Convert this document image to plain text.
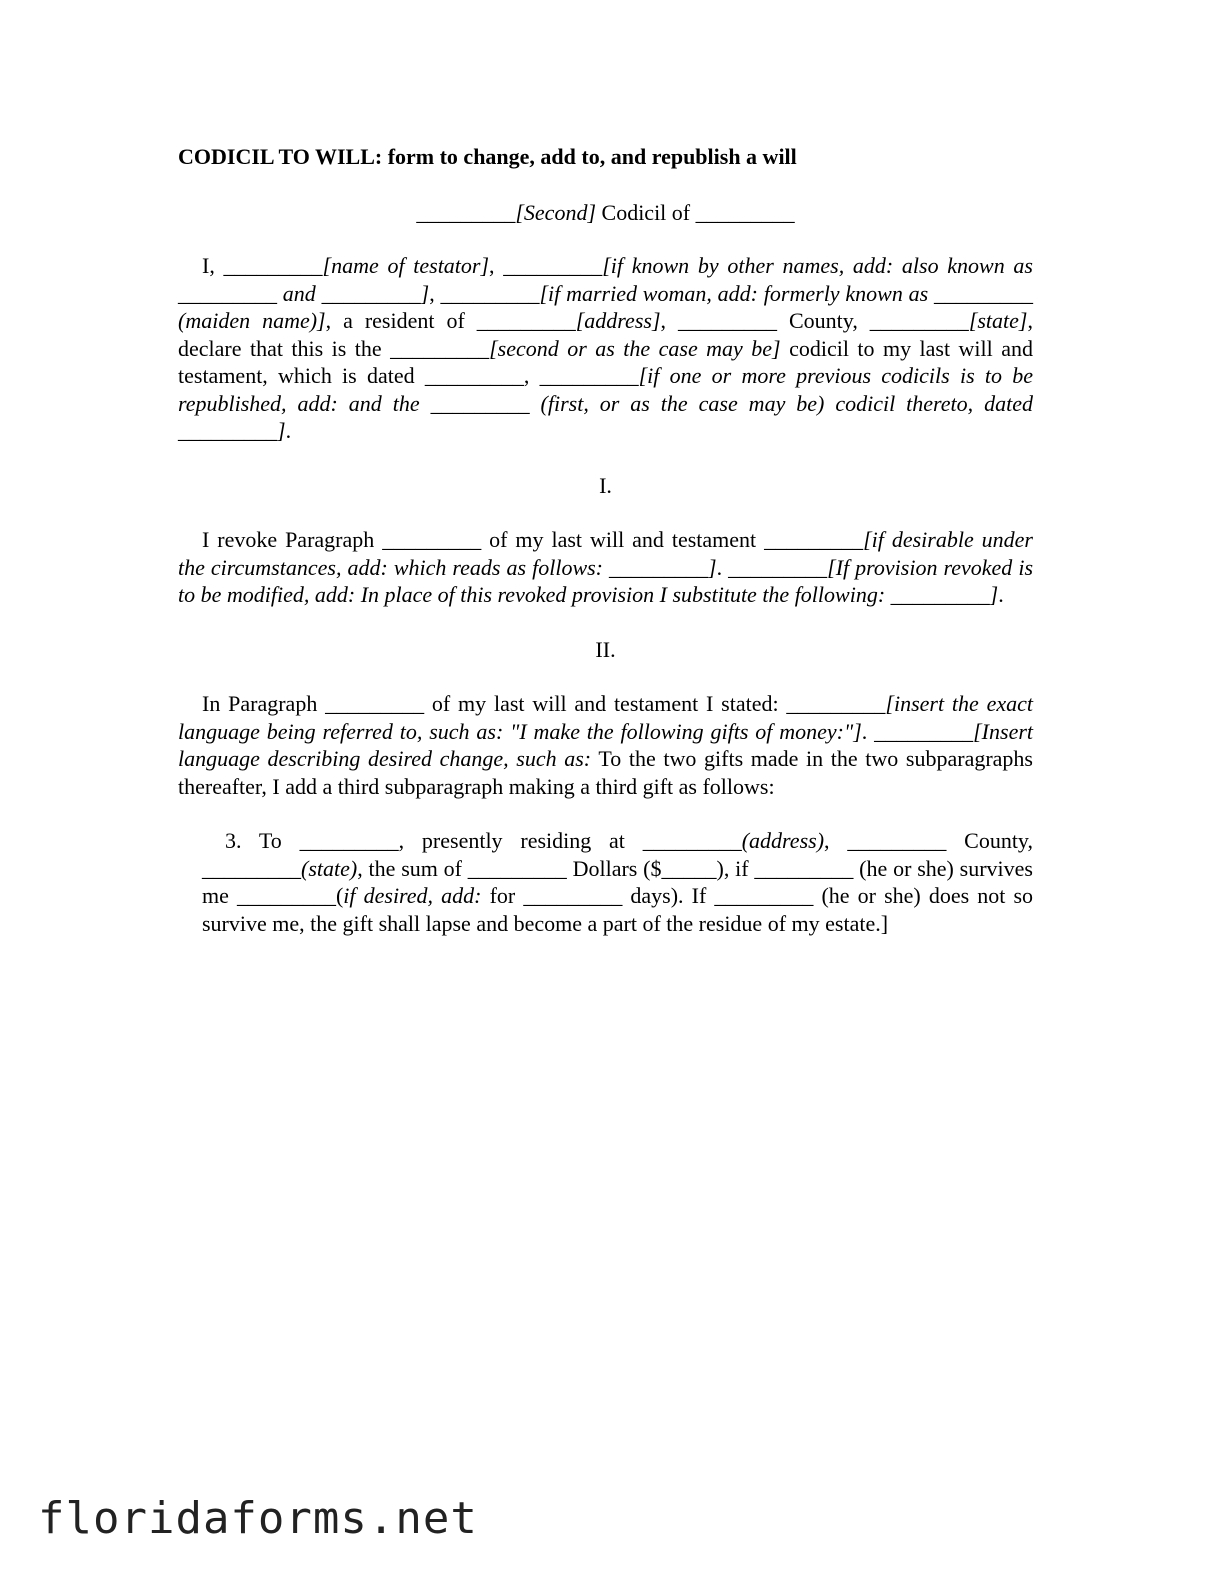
CODICIL TO WILL: form to change, add to, and republish a will
_________[Second] Codicil of _________

I, _________[name of testator], _________[if known by other names, add: also known as _________ and _________], _________[if married woman, add: formerly known as _________ (maiden name)], a resident of _________[address], _________ County, _________[state], declare that this is the _________[second or as the case may be] codicil to my last will and testament, which is dated _________, _________[if one or more previous codicils is to be republished, add: and the _________ (first, or as the case may be) codicil thereto, dated _________].

I.

I revoke Paragraph _________ of my last will and testament _________[if desirable under the circumstances, add: which reads as follows: _________]. _________[If provision revoked is to be modified, add: In place of this revoked provision I substitute the following: _________].

II.

In Paragraph _________ of my last will and testament I stated: _________[insert the exact language being referred to, such as: "I make the following gifts of money:"]. _________[Insert language describing desired change, such as: To the two gifts made in the two subparagraphs thereafter, I add a third subparagraph making a third gift as follows:

3. To _________, presently residing at _________(address), _________ County, _________(state), the sum of _________ Dollars ($_____), if _________ (he or she) survives me _________(if desired, add: for _________ days). If _________ (he or she) does not so survive me, the gift shall lapse and become a part of the residue of my estate.]

floridaforms.net
